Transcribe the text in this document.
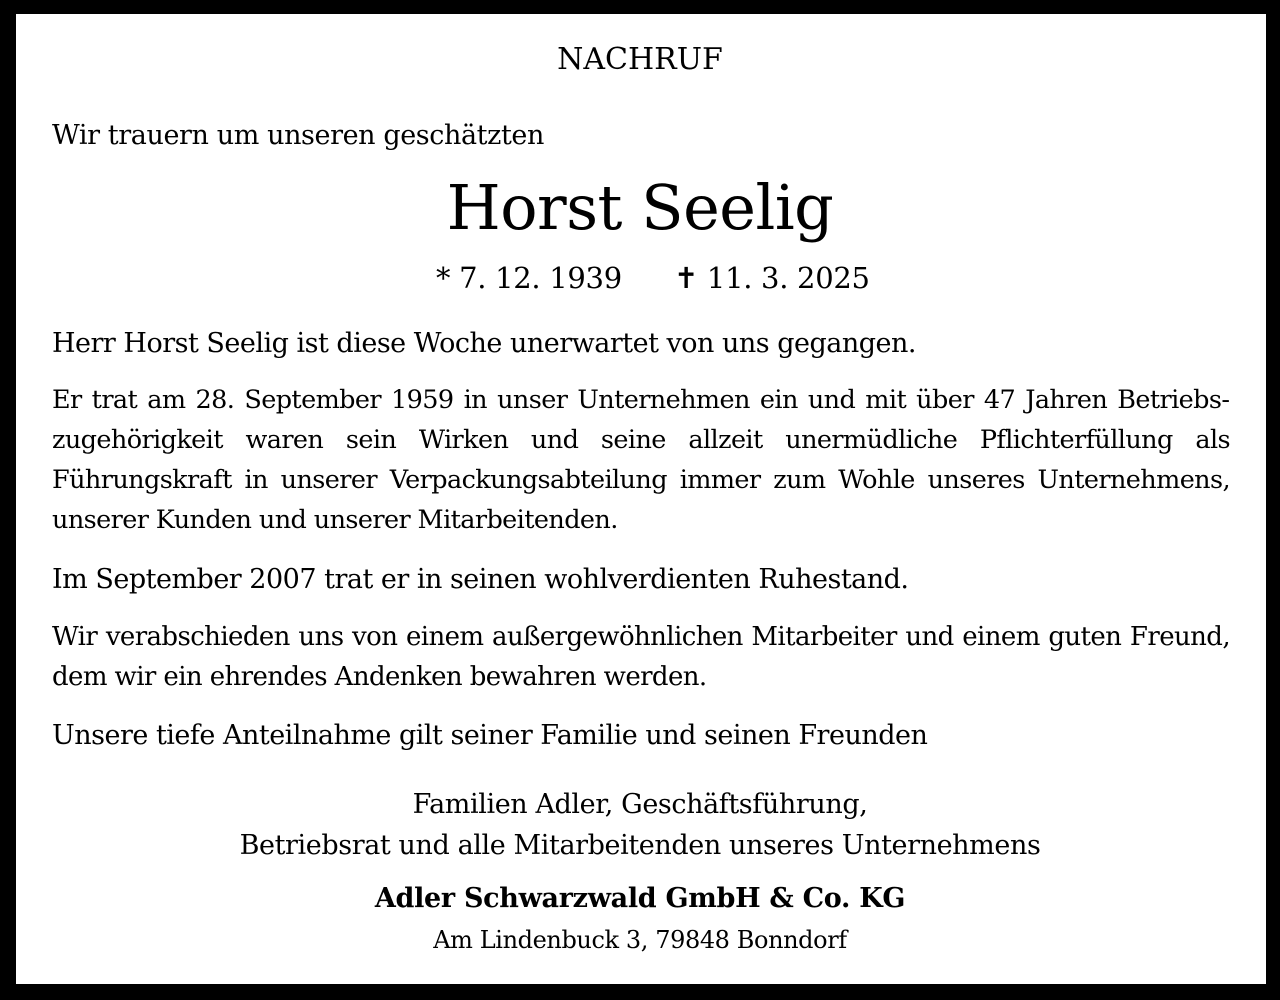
NACHRUF
Wir trauern um unseren geschätzten
Horst Seelig
* 7. 12. 1939 ✝ 11. 3. 2025
Herr Horst Seelig ist diese Woche unerwartet von uns gegangen.
Er trat am 28. September 1959 in unser Unternehmen ein und mit über 47 Jahren Betriebszugehörigkeit waren sein Wirken und seine allzeit unermüdliche Pflichterfüllung als Führungskraft in unserer Verpackungsabteilung immer zum Wohle unseres Unternehmens, unserer Kunden und unserer Mitarbeitenden.
Im September 2007 trat er in seinen wohlverdienten Ruhestand.
Wir verabschieden uns von einem außergewöhnlichen Mitarbeiter und einem guten Freund, dem wir ein ehrendes Andenken bewahren werden.
Unsere tiefe Anteilnahme gilt seiner Familie und seinen Freunden
Familien Adler, Geschäftsführung,
Betriebsrat und alle Mitarbeitenden unseres Unternehmens
Adler Schwarzwald GmbH & Co. KG
Am Lindenbuck 3, 79848 Bonndorf
